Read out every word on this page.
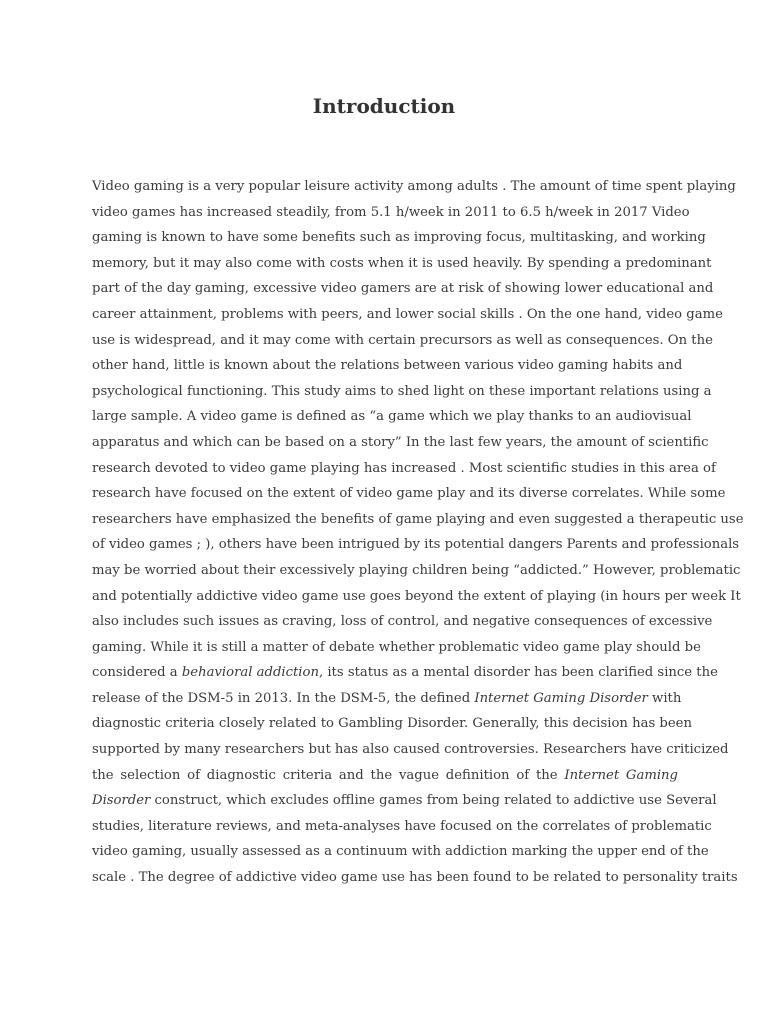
Introduction
Video gaming is a very popular leisure activity among adults . The amount of time spent playing
video games has increased steadily, from 5.1 h/week in 2011 to 6.5 h/week in 2017 Video
gaming is known to have some benefits such as improving focus, multitasking, and working
memory, but it may also come with costs when it is used heavily. By spending a predominant
part of the day gaming, excessive video gamers are at risk of showing lower educational and
career attainment, problems with peers, and lower social skills . On the one hand, video game
use is widespread, and it may come with certain precursors as well as consequences. On the
other hand, little is known about the relations between various video gaming habits and
psychological functioning. This study aims to shed light on these important relations using a
large sample. A video game is defined as “a game which we play thanks to an audiovisual
apparatus and which can be based on a story” In the last few years, the amount of scientific
research devoted to video game playing has increased . Most scientific studies in this area of
research have focused on the extent of video game play and its diverse correlates. While some
researchers have emphasized the benefits of game playing and even suggested a therapeutic use
of video games ; ), others have been intrigued by its potential dangers Parents and professionals
may be worried about their excessively playing children being “addicted.” However, problematic
and potentially addictive video game use goes beyond the extent of playing (in hours per week It
also includes such issues as craving, loss of control, and negative consequences of excessive
gaming. While it is still a matter of debate whether problematic video game play should be
considered a behavioral addiction, its status as a mental disorder has been clarified since the
release of the DSM-5 in 2013. In the DSM-5, the defined Internet Gaming Disorder with
diagnostic criteria closely related to Gambling Disorder. Generally, this decision has been
supported by many researchers but has also caused controversies. Researchers have criticized
the selection of diagnostic criteria and the vague definition of the Internet Gaming
Disorder construct, which excludes offline games from being related to addictive use Several
studies, literature reviews, and meta-analyses have focused on the correlates of problematic
video gaming, usually assessed as a continuum with addiction marking the upper end of the
scale . The degree of addictive video game use has been found to be related to personality traits
